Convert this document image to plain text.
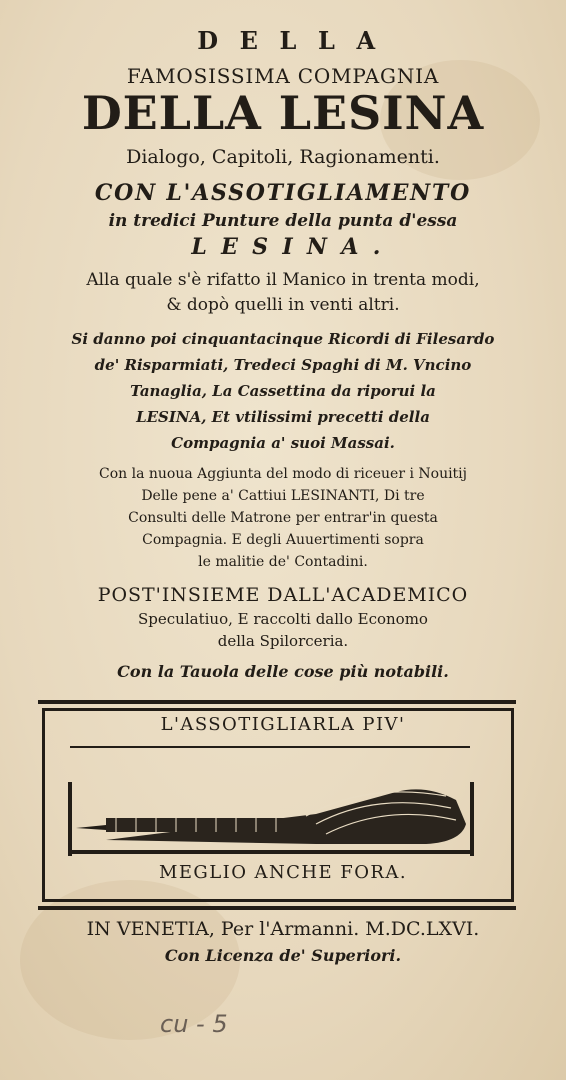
DELLA
FAMOSISSIMA COMPAGNIA
DELLA LESINA
Dialogo, Capitoli, Ragionamenti.
CON L'ASSOTIGLIAMENTO
in tredici Punture della punta d'essa
LESINA.
Alla quale s'è rifatto il Manico in trenta modi,
& dopò quelli in venti altri.
Si danno poi cinquantacinque Ricordi di Filesardo
de' Risparmiati, Tredeci Spaghi di M. Vncino
Tanaglia, La Cassettina da riporui la
LESINA, Et vtilissimi precetti della
Compagnia a' suoi Massai.
Con la nuoua Aggiunta del modo di riceuer i Nouitij
Delle pene a' Cattiui LESINANTI, Di tre
Consulti delle Matrone per entrar'in questa
Compagnia. E degli Auuertimenti sopra
le malitie de' Contadini.
POST'INSIEME DALL'ACADEMICO
Speculatiuo, E raccolti dallo Economo
della Spilorceria.
Con la Tauola delle cose più notabili.
L'ASSOTIGLIARLA PIV'
MEGLIO ANCHE FORA.
IN VENETIA, Per l'Armanni. M.DC.LXVI.
Con Licenza de' Superiori.
cu - 5
